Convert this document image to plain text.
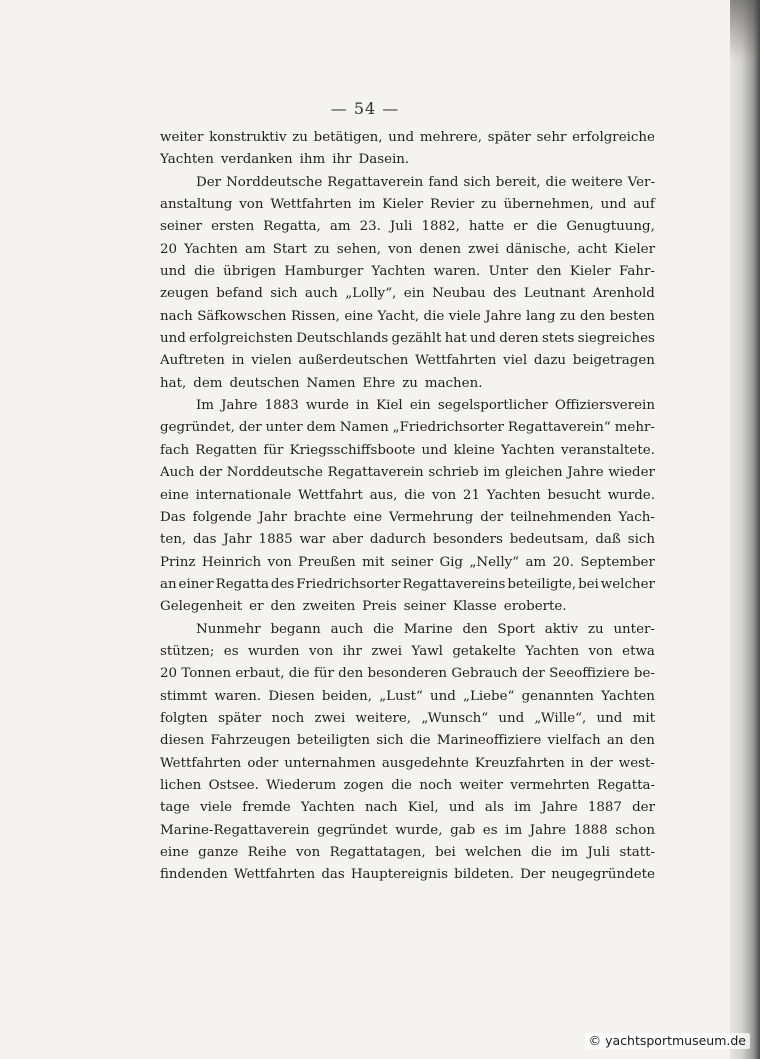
— 54 —
weiter konstruktiv zu betätigen, und mehrere, später sehr erfolgreiche
Yachten verdanken ihm ihr Dasein.
Der Norddeutsche Regattaverein fand sich bereit, die weitere Ver-
anstaltung von Wettfahrten im Kieler Revier zu übernehmen, und auf
seiner ersten Regatta, am 23. Juli 1882, hatte er die Genugtuung,
20 Yachten am Start zu sehen, von denen zwei dänische, acht Kieler
und die übrigen Hamburger Yachten waren. Unter den Kieler Fahr-
zeugen befand sich auch „Lolly“, ein Neubau des Leutnant Arenhold
nach Säfkowschen Rissen, eine Yacht, die viele Jahre lang zu den besten
und erfolgreichsten Deutschlands gezählt hat und deren stets siegreiches
Auftreten in vielen außerdeutschen Wettfahrten viel dazu beigetragen
hat, dem deutschen Namen Ehre zu machen.
Im Jahre 1883 wurde in Kiel ein segelsportlicher Offiziersverein
gegründet, der unter dem Namen „Friedrichsorter Regattaverein“ mehr-
fach Regatten für Kriegsschiffsboote und kleine Yachten veranstaltete.
Auch der Norddeutsche Regattaverein schrieb im gleichen Jahre wieder
eine internationale Wettfahrt aus, die von 21 Yachten besucht wurde.
Das folgende Jahr brachte eine Vermehrung der teilnehmenden Yach-
ten, das Jahr 1885 war aber dadurch besonders bedeutsam, daß sich
Prinz Heinrich von Preußen mit seiner Gig „Nelly“ am 20. September
an einer Regatta des Friedrichsorter Regattavereins beteiligte, bei welcher
Gelegenheit er den zweiten Preis seiner Klasse eroberte.
Nunmehr begann auch die Marine den Sport aktiv zu unter-
stützen; es wurden von ihr zwei Yawl getakelte Yachten von etwa
20 Tonnen erbaut, die für den besonderen Gebrauch der Seeoffiziere be-
stimmt waren. Diesen beiden, „Lust“ und „Liebe“ genannten Yachten
folgten später noch zwei weitere, „Wunsch“ und „Wille“, und mit
diesen Fahrzeugen beteiligten sich die Marineoffiziere vielfach an den
Wettfahrten oder unternahmen ausgedehnte Kreuzfahrten in der west-
lichen Ostsee. Wiederum zogen die noch weiter vermehrten Regatta-
tage viele fremde Yachten nach Kiel, und als im Jahre 1887 der
Marine-Regattaverein gegründet wurde, gab es im Jahre 1888 schon
eine ganze Reihe von Regattatagen, bei welchen die im Juli statt-
findenden Wettfahrten das Hauptereignis bildeten. Der neugegründete
© yachtsportmuseum.de
